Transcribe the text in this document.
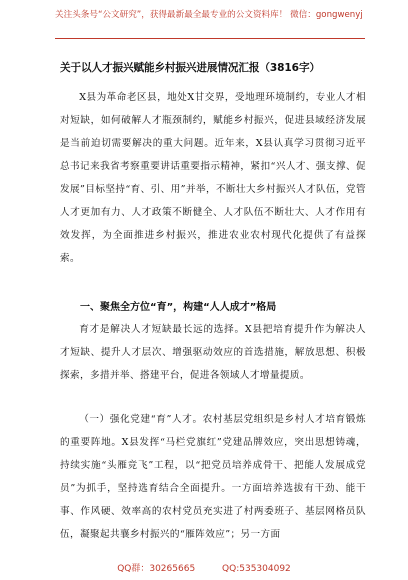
关注头条号“公文研究”，获得最新最全最专业的公文资料库！ 微信：gongwenyj
关于以人才振兴赋能乡村振兴进展情况汇报（3816字）

X县为革命老区县，地处X甘交界，受地理环境制约，专业人才相对短缺，如何破解人才瓶颈制约，赋能乡村振兴，促进县域经济发展是当前迫切需要解决的重大问题。近年来，X县认真学习贯彻习近平总书记来我省考察重要讲话重要指示精神，紧扣“兴人才、强支撑、促发展”目标坚持“育、引、用”并举，不断壮大乡村振兴人才队伍，党管人才更加有力、人才政策不断健全、人才队伍不断壮大、人才作用有效发挥，为全面推进乡村振兴，推进农业农村现代化提供了有益探索。

一、聚焦全方位“育”，构建“人人成才”格局

育才是解决人才短缺最长远的选择。X县把培育提升作为解决人才短缺、提升人才层次、增强驱动效应的首选措施，解放思想、积极探索，多措并举、搭建平台，促进各领域人才增量提质。

（一）强化党建“育”人才。农村基层党组织是乡村人才培育锻炼的重要阵地。X县发挥“马栏党旗红”党建品牌效应，突出思想铸魂，持续实施“头雁竞飞”工程，以“把党员培养成骨干、把能人发展成党员”为抓手，坚持选育结合全面提升。一方面培养选拔有干劲、能干事、作风硬、效率高的农村党员充实进了村两委班子、基层网格员队伍，凝聚起共襄乡村振兴的“雁阵效应”；另一方面

QQ群：30265665	QQ:535304092
